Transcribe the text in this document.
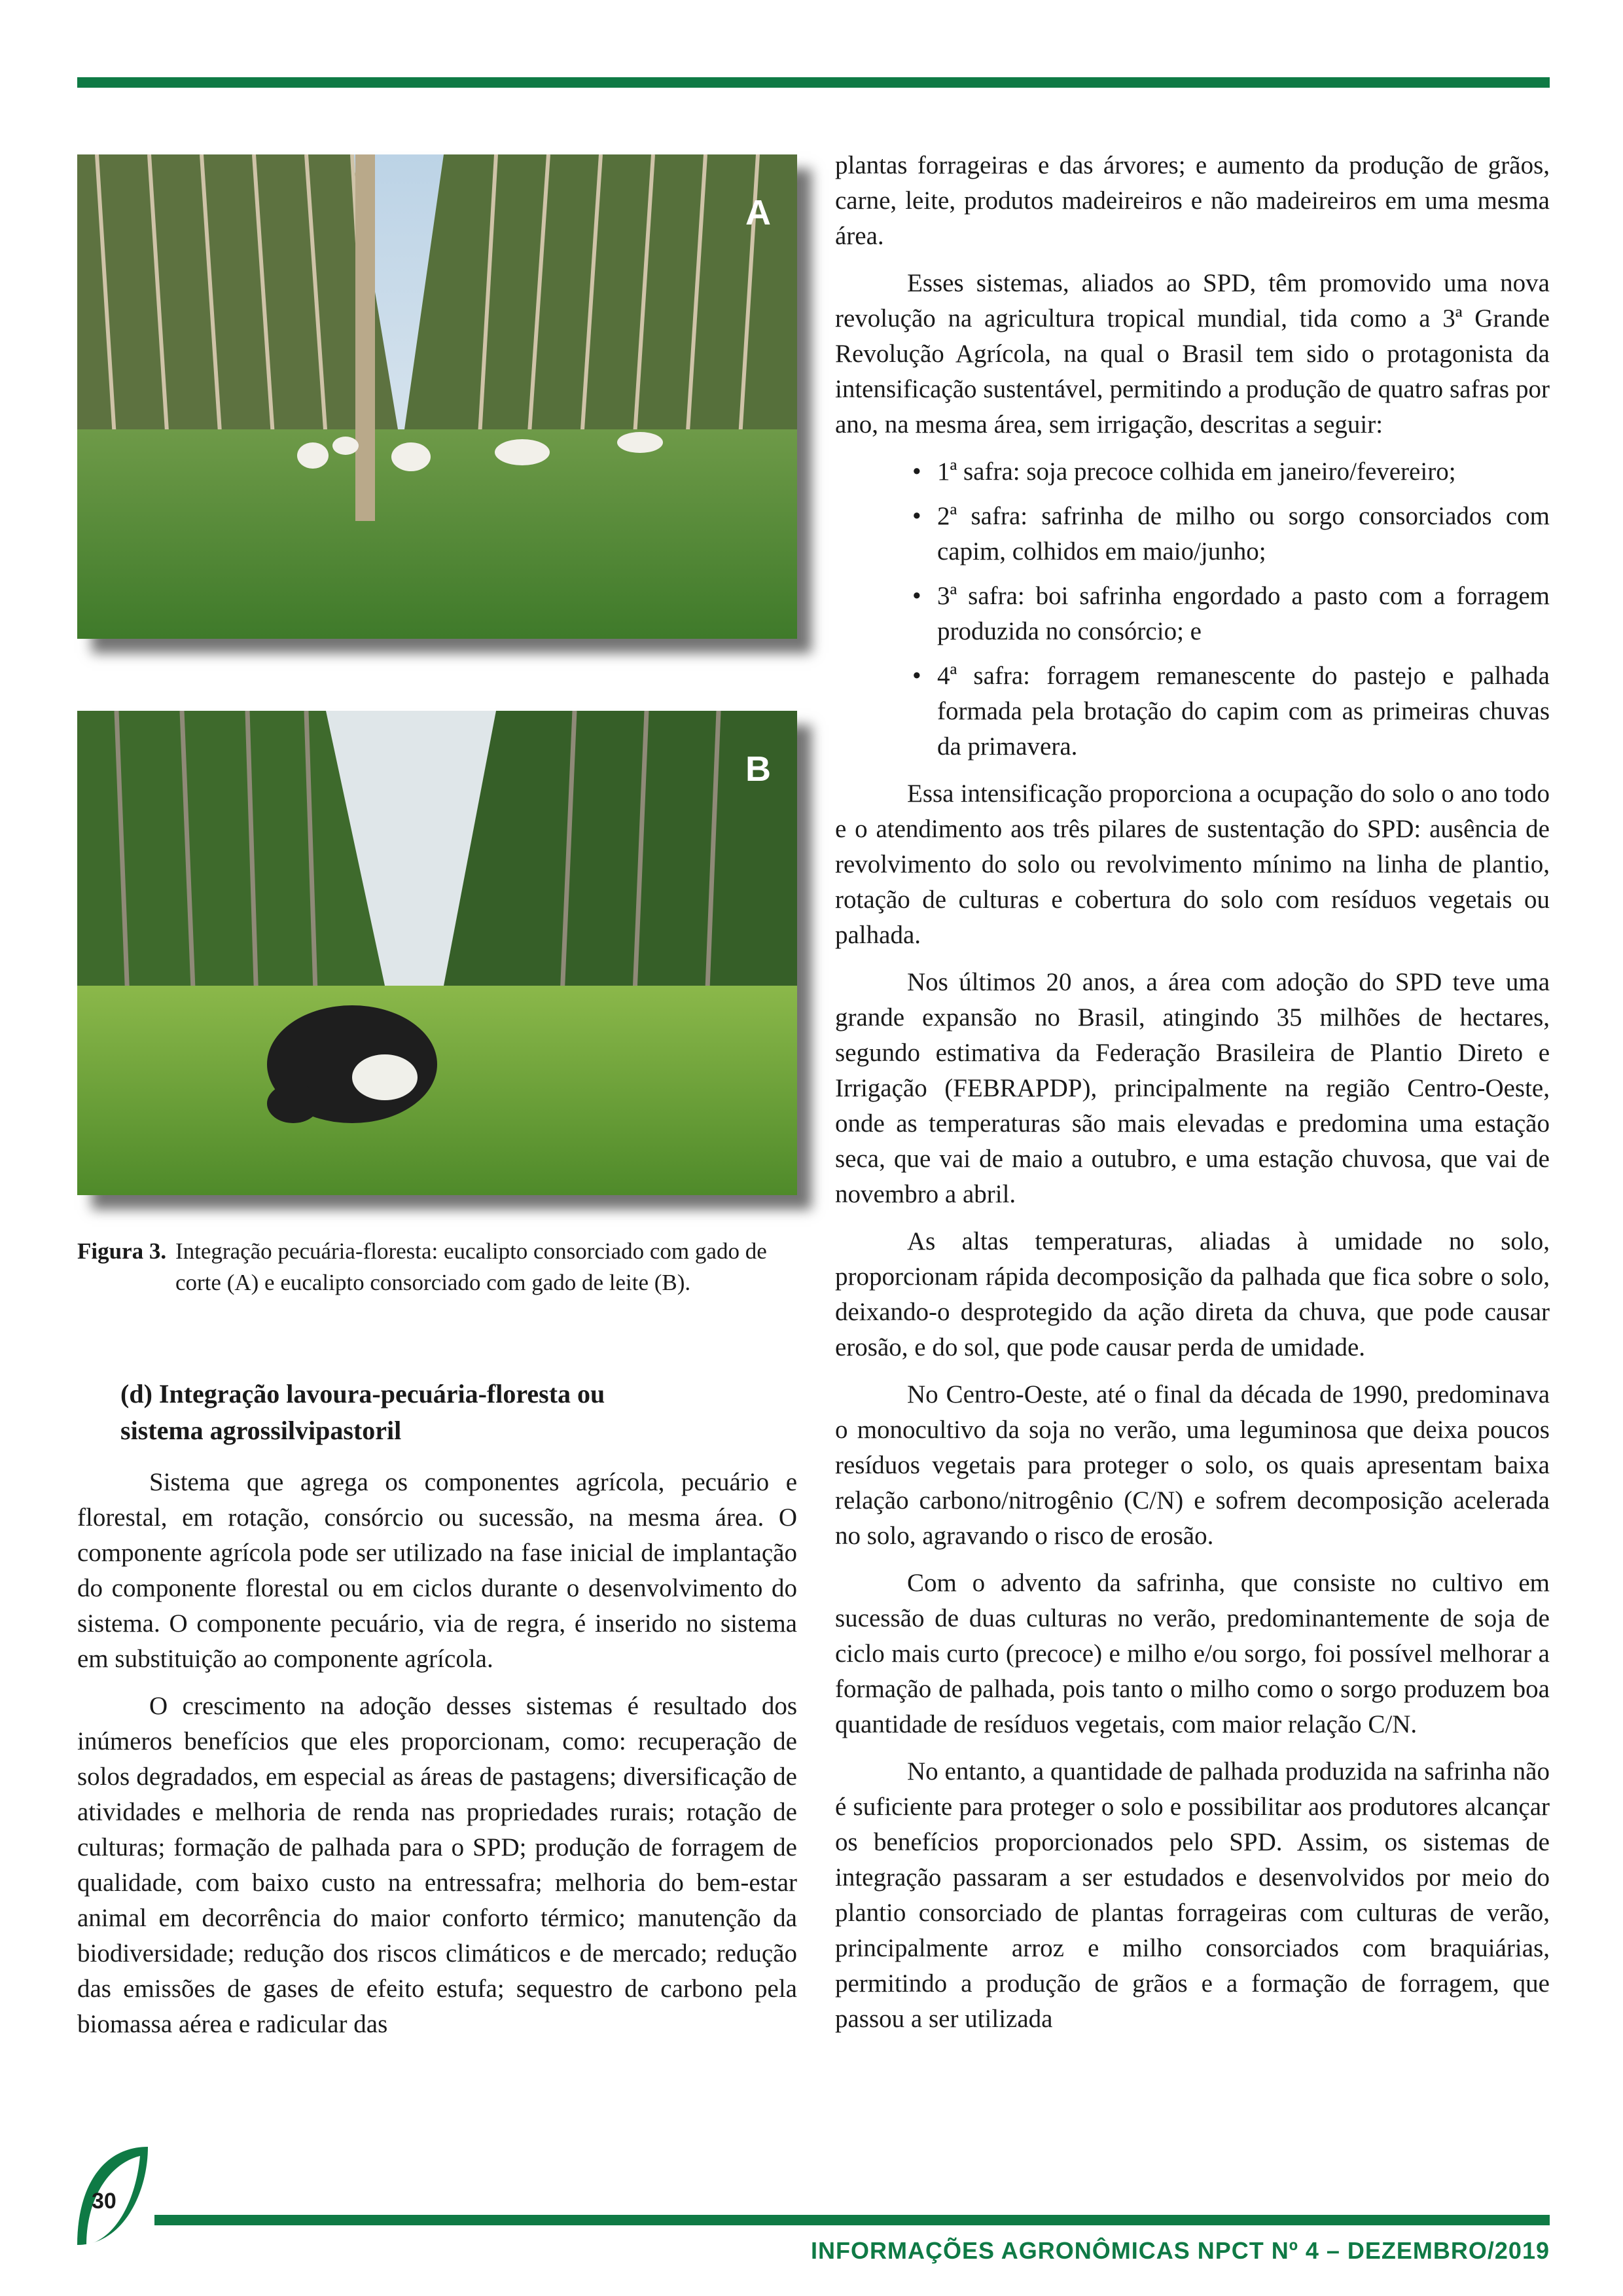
A
B
Figura 3. Integração pecuária-floresta: eucalipto consorciado com gado de corte (A) e eucalipto consorciado com gado de leite (B).
(d) Integração lavoura-pecuária-floresta ou
sistema agrossilvipastoril

Sistema que agrega os componentes agrícola, pecuário e florestal, em rotação, consórcio ou sucessão, na mesma área. O componente agrícola pode ser utilizado na fase inicial de implantação do componente florestal ou em ciclos durante o desenvolvimento do sistema. O componente pecuário, via de regra, é inserido no sistema em substituição ao componente agrícola.

O crescimento na adoção desses sistemas é resultado dos inúmeros benefícios que eles proporcionam, como: recuperação de solos degradados, em especial as áreas de pastagens; diversificação de atividades e melhoria de renda nas propriedades rurais; rotação de culturas; formação de palhada para o SPD; produção de forragem de qualidade, com baixo custo na entressafra; melhoria do bem-estar animal em decorrência do maior conforto térmico; manutenção da biodiversidade; redução dos riscos climáticos e de mercado; redução das emissões de gases de efeito estufa; sequestro de carbono pela biomassa aérea e radicular das

plantas forrageiras e das árvores; e aumento da produção de grãos, carne, leite, produtos madeireiros e não madeireiros em uma mesma área.

Esses sistemas, aliados ao SPD, têm promovido uma nova revolução na agricultura tropical mundial, tida como a 3ª Grande Revolução Agrícola, na qual o Brasil tem sido o protagonista da intensificação sustentável, permitindo a produção de quatro safras por ano, na mesma área, sem irrigação, descritas a seguir:

• 1ª safra: soja precoce colhida em janeiro/fevereiro;
• 2ª safra: safrinha de milho ou sorgo consorciados com capim, colhidos em maio/junho;
• 3ª safra: boi safrinha engordado a pasto com a forragem produzida no consórcio; e
• 4ª safra: forragem remanescente do pastejo e palhada formada pela brotação do capim com as primeiras chuvas da primavera.

Essa intensificação proporciona a ocupação do solo o ano todo e o atendimento aos três pilares de sustentação do SPD: ausência de revolvimento do solo ou revolvimento mínimo na linha de plantio, rotação de culturas e cobertura do solo com resíduos vegetais ou palhada.

Nos últimos 20 anos, a área com adoção do SPD teve uma grande expansão no Brasil, atingindo 35 milhões de hectares, segundo estimativa da Federação Brasileira de Plantio Direto e Irrigação (FEBRAPDP), principalmente na região Centro-Oeste, onde as temperaturas são mais elevadas e predomina uma estação seca, que vai de maio a outubro, e uma estação chuvosa, que vai de novembro a abril.

As altas temperaturas, aliadas à umidade no solo, proporcionam rápida decomposição da palhada que fica sobre o solo, deixando-o desprotegido da ação direta da chuva, que pode causar erosão, e do sol, que pode causar perda de umidade.

No Centro-Oeste, até o final da década de 1990, predominava o monocultivo da soja no verão, uma leguminosa que deixa poucos resíduos vegetais para proteger o solo, os quais apresentam baixa relação carbono/nitrogênio (C/N) e sofrem decomposição acelerada no solo, agravando o risco de erosão.

Com o advento da safrinha, que consiste no cultivo em sucessão de duas culturas no verão, predominantemente de soja de ciclo mais curto (precoce) e milho e/ou sorgo, foi possível melhorar a formação de palhada, pois tanto o milho como o sorgo produzem boa quantidade de resíduos vegetais, com maior relação C/N.

No entanto, a quantidade de palhada produzida na safrinha não é suficiente para proteger o solo e possibilitar aos produtores alcançar os benefícios proporcionados pelo SPD. Assim, os sistemas de integração passaram a ser estudados e desenvolvidos por meio do plantio consorciado de plantas forrageiras com culturas de verão, principalmente arroz e milho consorciados com braquiárias, permitindo a produção de grãos e a formação de forragem, que passou a ser utilizada

30
INFORMAÇÕES AGRONÔMICAS NPCT Nº 4 – DEZEMBRO/2019
